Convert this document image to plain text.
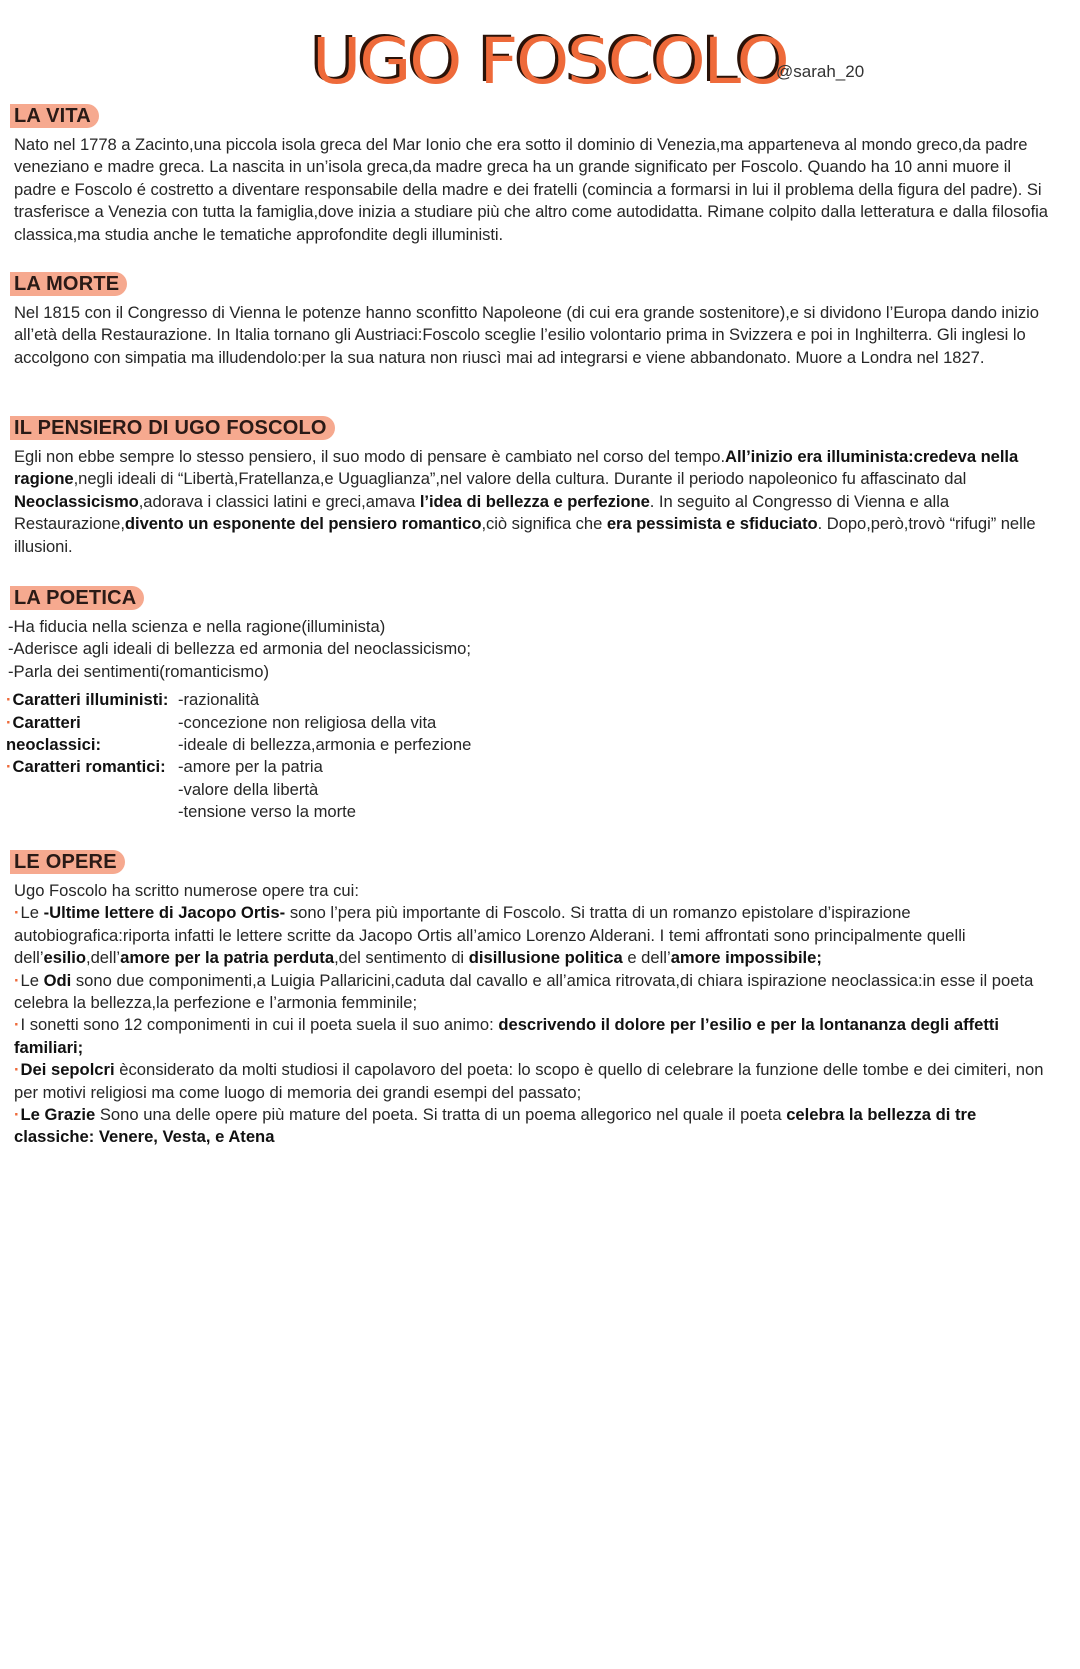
UGO FOSCOLO
@sarah_20
LA VITA
Nato nel 1778 a Zacinto,una piccola isola greca del Mar Ionio che era sotto il dominio di Venezia,ma apparteneva al mondo greco,da padre veneziano e madre greca. La nascita in un’isola greca,da madre greca ha un grande significato per Foscolo. Quando ha 10 anni muore il padre e Foscolo é costretto a diventare responsabile della madre e dei fratelli (comincia a formarsi in lui il problema della figura del padre). Si trasferisce a Venezia con tutta la famiglia,dove inizia a studiare più che altro come autodidatta. Rimane colpito dalla letteratura e dalla filosofia classica,ma studia anche le tematiche approfondite degli illuministi.
LA MORTE
Nel 1815 con il Congresso di Vienna le potenze hanno sconfitto Napoleone (di cui era grande sostenitore),e si dividono l’Europa dando inizio all’età della Restaurazione. In Italia tornano gli Austriaci:Foscolo sceglie l’esilio volontario prima in Svizzera e poi in Inghilterra. Gli inglesi lo accolgono con simpatia ma illudendolo:per la sua natura non riuscì mai ad integrarsi e viene abbandonato. Muore a Londra nel 1827.
IL PENSIERO DI UGO FOSCOLO
Egli non ebbe sempre lo stesso pensiero, il suo modo di pensare è cambiato nel corso del tempo.All’inizio era illuminista:credeva nella ragione,negli ideali di “Libertà,Fratellanza,e Uguaglianza”,nel valore della cultura. Durante il periodo napoleonico fu affascinato dal Neoclassicismo,adorava i classici latini e greci,amava l’idea di bellezza e perfezione. In seguito al Congresso di Vienna e alla Restaurazione,divento un esponente del pensiero romantico,ciò significa che era pessimista e sfiduciato. Dopo,però,trovò “rifugi” nelle illusioni.
LA POETICA
-Ha fiducia nella scienza e nella ragione(illuminista)
-Aderisce agli ideali di bellezza ed armonia del neoclassicismo;
-Parla dei sentimenti(romanticismo)
·Caratteri illuministi: -razionalità
·Caratteri neoclassici:
-concezione non religiosa della vita
-ideale di bellezza,armonia e perfezione
·Caratteri romantici: -amore per la patria
-valore della libertà
-tensione verso la morte
LE OPERE
Ugo Foscolo ha scritto numerose opere tra cui:
·Le -Ultime lettere di Jacopo Ortis- sono l’pera più importante di Foscolo. Si tratta di un romanzo epistolare d’ispirazione autobiografica:riporta infatti le lettere scritte da Jacopo Ortis all’amico Lorenzo Alderani. I temi affrontati sono principalmente quelli dell’esilio,dell’amore per la patria perduta,del sentimento di disillusione politica e dell’amore impossibile;
·Le Odi sono due componimenti,a Luigia Pallaricini,caduta dal cavallo e all’amica ritrovata,di chiara ispirazione neoclassica:in esse il poeta celebra la bellezza,la perfezione e l’armonia femminile;
·I sonetti sono 12 componimenti in cui il poeta suela il suo animo: descrivendo il dolore per l’esilio e per la lontananza degli affetti familiari;
·Dei sepolcri èconsiderato da molti studiosi il capolavoro del poeta: lo scopo è quello di celebrare la funzione delle tombe e dei cimiteri, non per motivi religiosi ma come luogo di memoria dei grandi esempi del passato;
·Le Grazie Sono una delle opere più mature del poeta. Si tratta di un poema allegorico nel quale il poeta celebra la bellezza di tre classiche: Venere, Vesta, e Atena
